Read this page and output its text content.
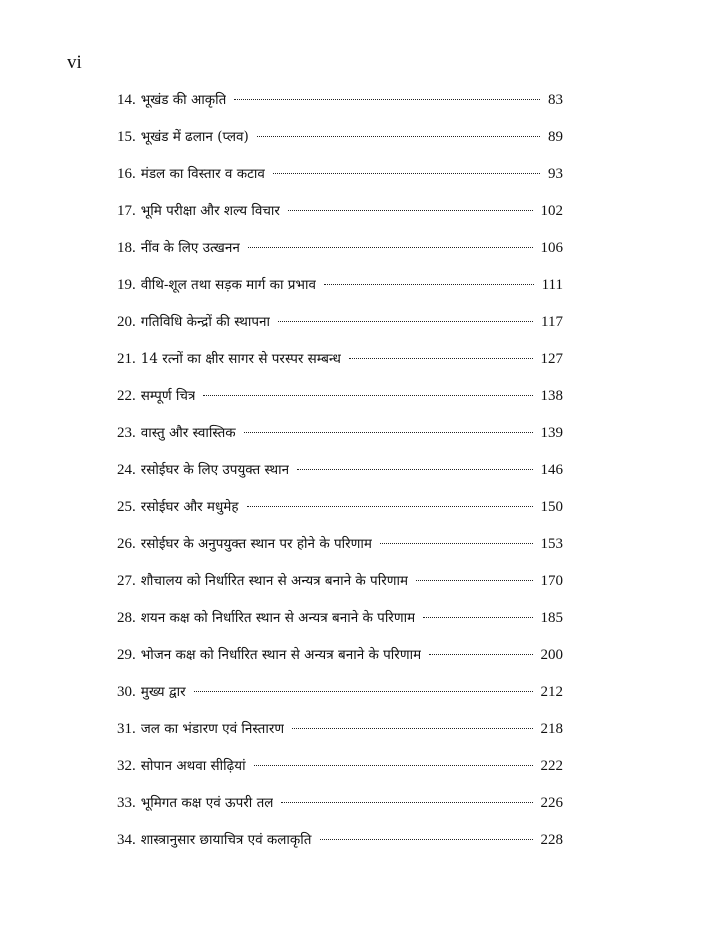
vi
14. भूखंड की आकृति	83
15. भूखंड में ढलान (प्लव)	89
16. मंडल का विस्तार व कटाव	93
17. भूमि परीक्षा और शल्य विचार	102
18. नींव के लिए उत्खनन	106
19. वीथि-शूल तथा सड़क मार्ग का प्रभाव	111
20. गतिविधि केन्द्रों की स्थापना	117
21. 14 रत्नों का क्षीर सागर से परस्पर सम्बन्ध	127
22. सम्पूर्ण चित्र	138
23. वास्तु और स्वास्तिक	139
24. रसोईघर के लिए उपयुक्त स्थान	146
25. रसोईघर और मधुमेह	150
26. रसोईघर के अनुपयुक्त स्थान पर होने के परिणाम	153
27. शौचालय को निर्धारित स्थान से अन्यत्र बनाने के परिणाम	170
28. शयन कक्ष को निर्धारित स्थान से अन्यत्र बनाने के परिणाम	185
29. भोजन कक्ष को निर्धारित स्थान से अन्यत्र बनाने के परिणाम	200
30. मुख्य द्वार	212
31. जल का भंडारण एवं निस्तारण	218
32. सोपान अथवा सीढ़ियां	222
33. भूमिगत कक्ष एवं ऊपरी तल	226
34. शास्त्रानुसार छायाचित्र एवं कलाकृति	228
